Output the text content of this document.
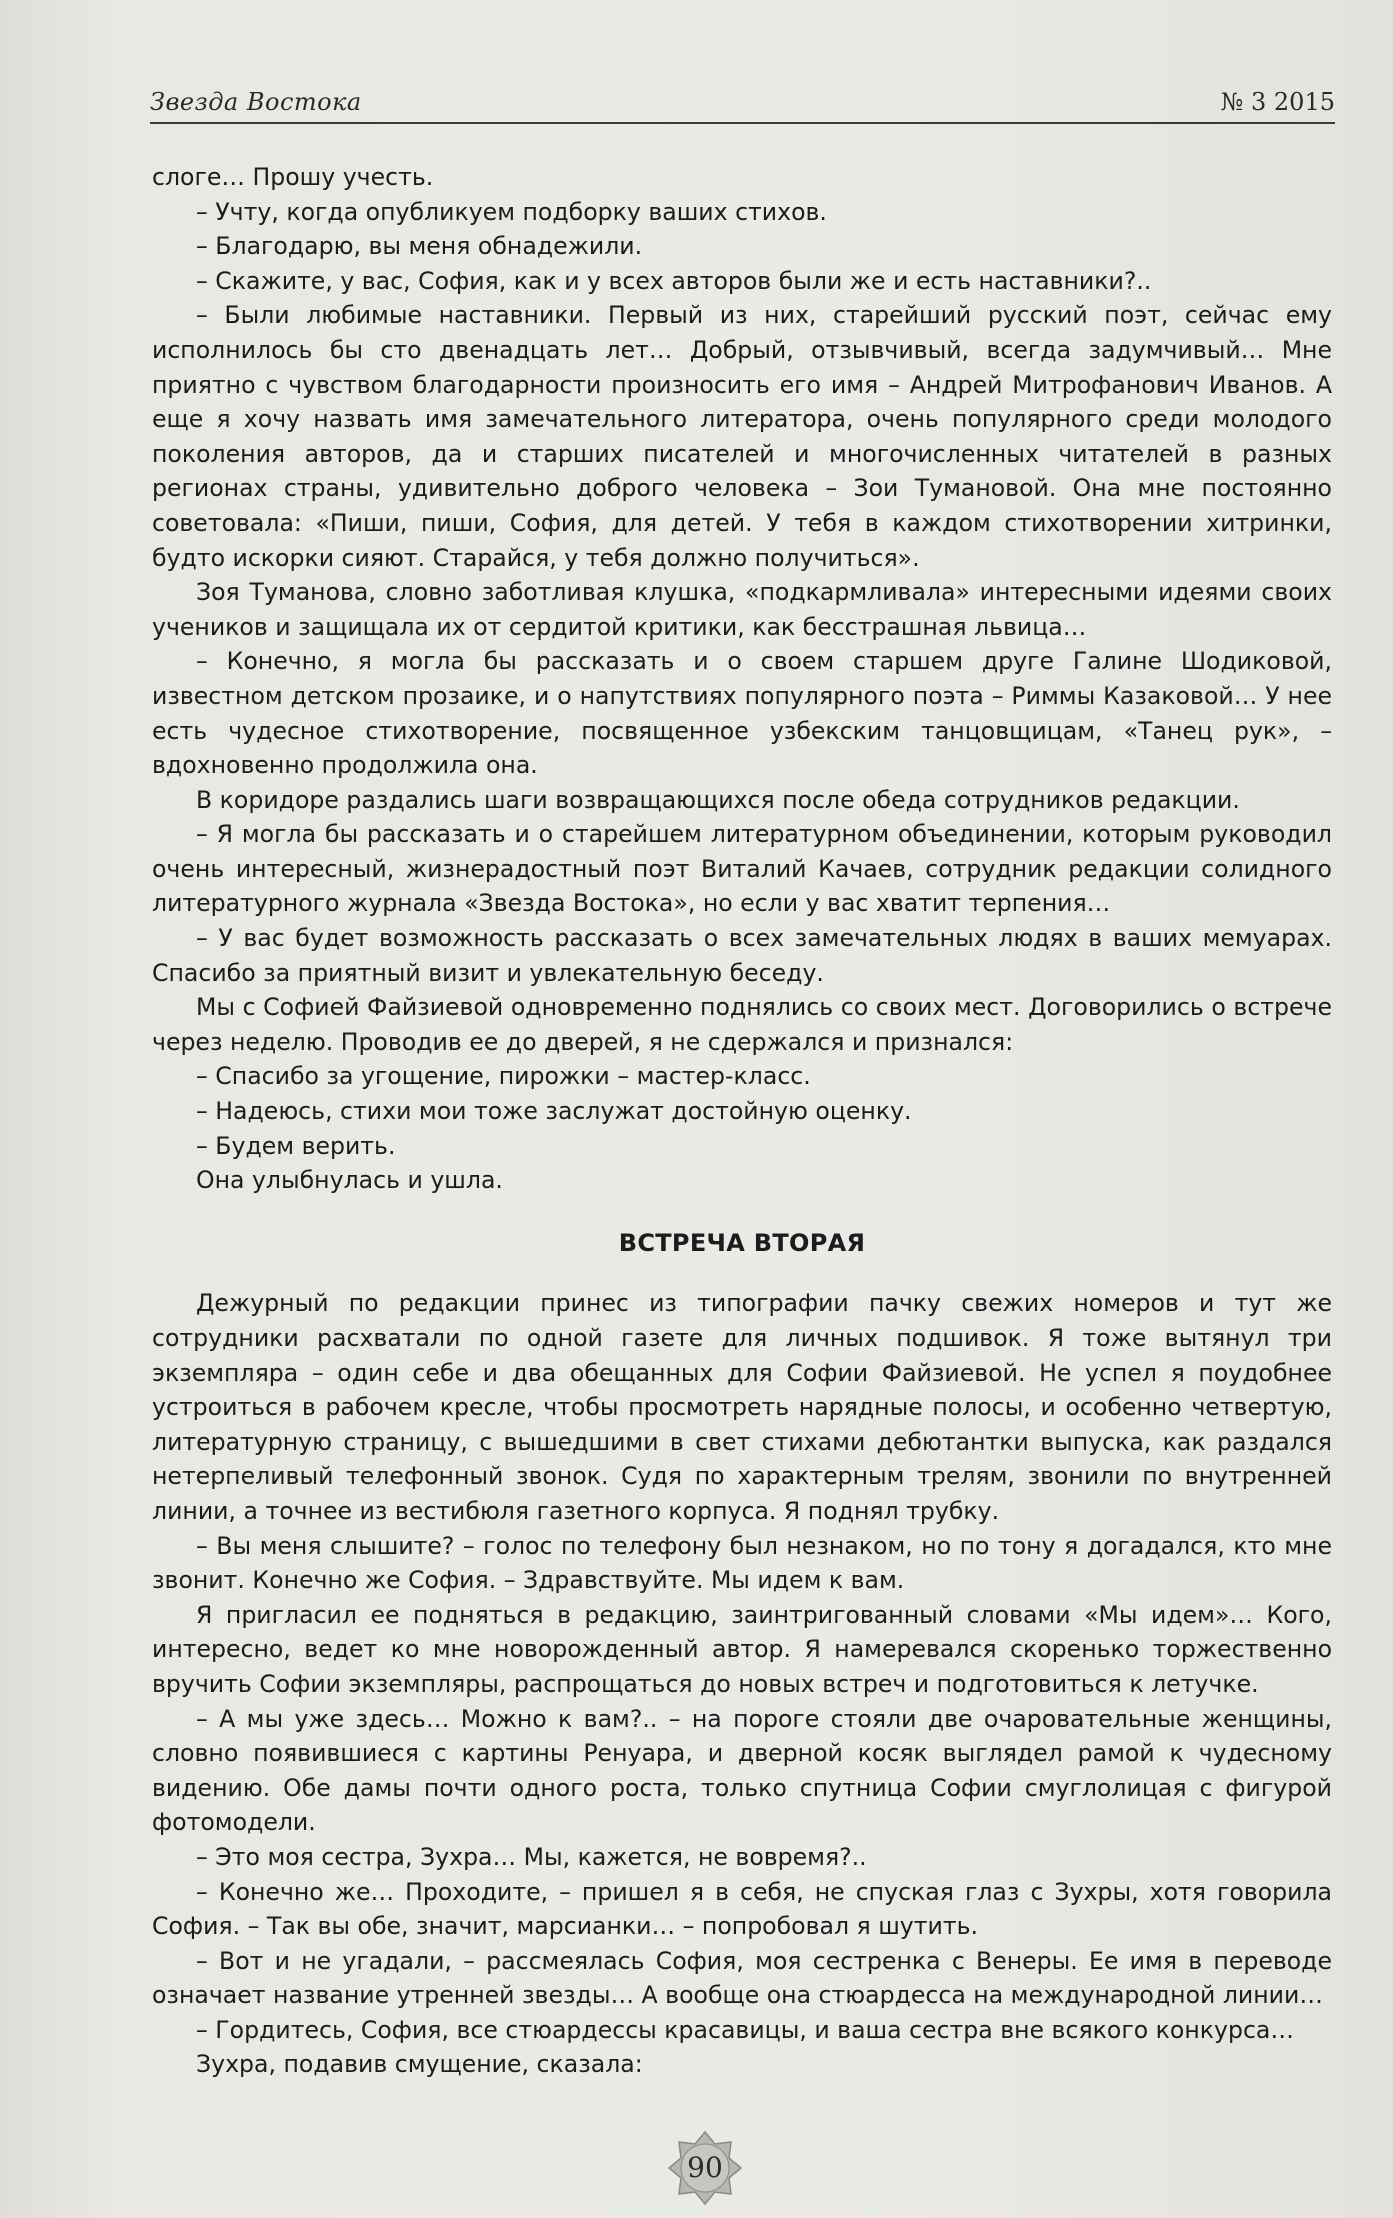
Звезда Востока	№ 3 2015

слоге… Прошу учесть.

– Учту, когда опубликуем подборку ваших стихов.

– Благодарю, вы меня обнадежили.

– Скажите, у вас, София, как и у всех авторов были же и есть наставники?..

– Были любимые наставники. Первый из них, старейший русский поэт, сейчас ему исполнилось бы сто двенадцать лет… Добрый, отзывчивый, всегда задумчивый… Мне приятно с чувством благодарности произносить его имя – Андрей Митрофанович Иванов. А еще я хочу назвать имя замечательного литератора, очень популярного среди молодого поколения авторов, да и старших писателей и многочисленных читателей в разных регионах страны, удивительно доброго человека – Зои Тумановой. Она мне постоянно советовала: «Пиши, пиши, София, для детей. У тебя в каждом стихотворении хитринки, будто искорки сияют. Старайся, у тебя должно получиться».

Зоя Туманова, словно заботливая клушка, «подкармливала» интересными идеями своих учеников и защищала их от сердитой критики, как бесстрашная львица…

– Конечно, я могла бы рассказать и о своем старшем друге Галине Шодиковой, известном детском прозаике, и о напутствиях популярного поэта – Риммы Казаковой… У нее есть чудесное стихотворение, посвященное узбекским танцовщицам, «Танец рук», – вдохновенно продолжила она.

В коридоре раздались шаги возвращающихся после обеда сотрудников редакции.

– Я могла бы рассказать и о старейшем литературном объединении, которым руководил очень интересный, жизнерадостный поэт Виталий Качаев, сотрудник редакции солидного литературного журнала «Звезда Востока», но если у вас хватит терпения…

– У вас будет возможность рассказать о всех замечательных людях в ваших мемуарах. Спасибо за приятный визит и увлекательную беседу.

Мы с Софией Файзиевой одновременно поднялись со своих мест. Договорились о встрече через неделю. Проводив ее до дверей, я не сдержался и признался:

– Спасибо за угощение, пирожки – мастер-класс.

– Надеюсь, стихи мои тоже заслужат достойную оценку.

– Будем верить.

Она улыбнулась и ушла.

ВСТРЕЧА ВТОРАЯ

Дежурный по редакции принес из типографии пачку свежих номеров и тут же сотрудники расхватали по одной газете для личных подшивок. Я тоже вытянул три экземпляра – один себе и два обещанных для Софии Файзиевой. Не успел я поудобнее устроиться в рабочем кресле, чтобы просмотреть нарядные полосы, и особенно четвертую, литературную страницу, с вышедшими в свет стихами дебютантки выпуска, как раздался нетерпеливый телефонный звонок. Судя по характерным трелям, звонили по внутренней линии, а точнее из вестибюля газетного корпуса. Я поднял трубку.

– Вы меня слышите? – голос по телефону был незнаком, но по тону я догадался, кто мне звонит. Конечно же София. – Здравствуйте. Мы идем к вам.

Я пригласил ее подняться в редакцию, заинтригованный словами «Мы идем»… Кого, интересно, ведет ко мне новорожденный автор. Я намеревался скоренько торжественно вручить Софии экземпляры, распрощаться до новых встреч и подготовиться к летучке.

– А мы уже здесь… Можно к вам?.. – на пороге стояли две очаровательные женщины, словно появившиеся с картины Ренуара, и дверной косяк выглядел рамой к чудесному видению. Обе дамы почти одного роста, только спутница Софии смуглолицая с фигурой фотомодели.

– Это моя сестра, Зухра… Мы, кажется, не вовремя?..

– Конечно же… Проходите, – пришел я в себя, не спуская глаз с Зухры, хотя говорила София. – Так вы обе, значит, марсианки… – попробовал я шутить.

– Вот и не угадали, – рассмеялась София, моя сестренка с Венеры. Ее имя в переводе означает название утренней звезды… А вообще она стюардесса на международной линии…

– Гордитесь, София, все стюардессы красавицы, и ваша сестра вне всякого конкурса…

Зухра, подавив смущение, сказала:

90
